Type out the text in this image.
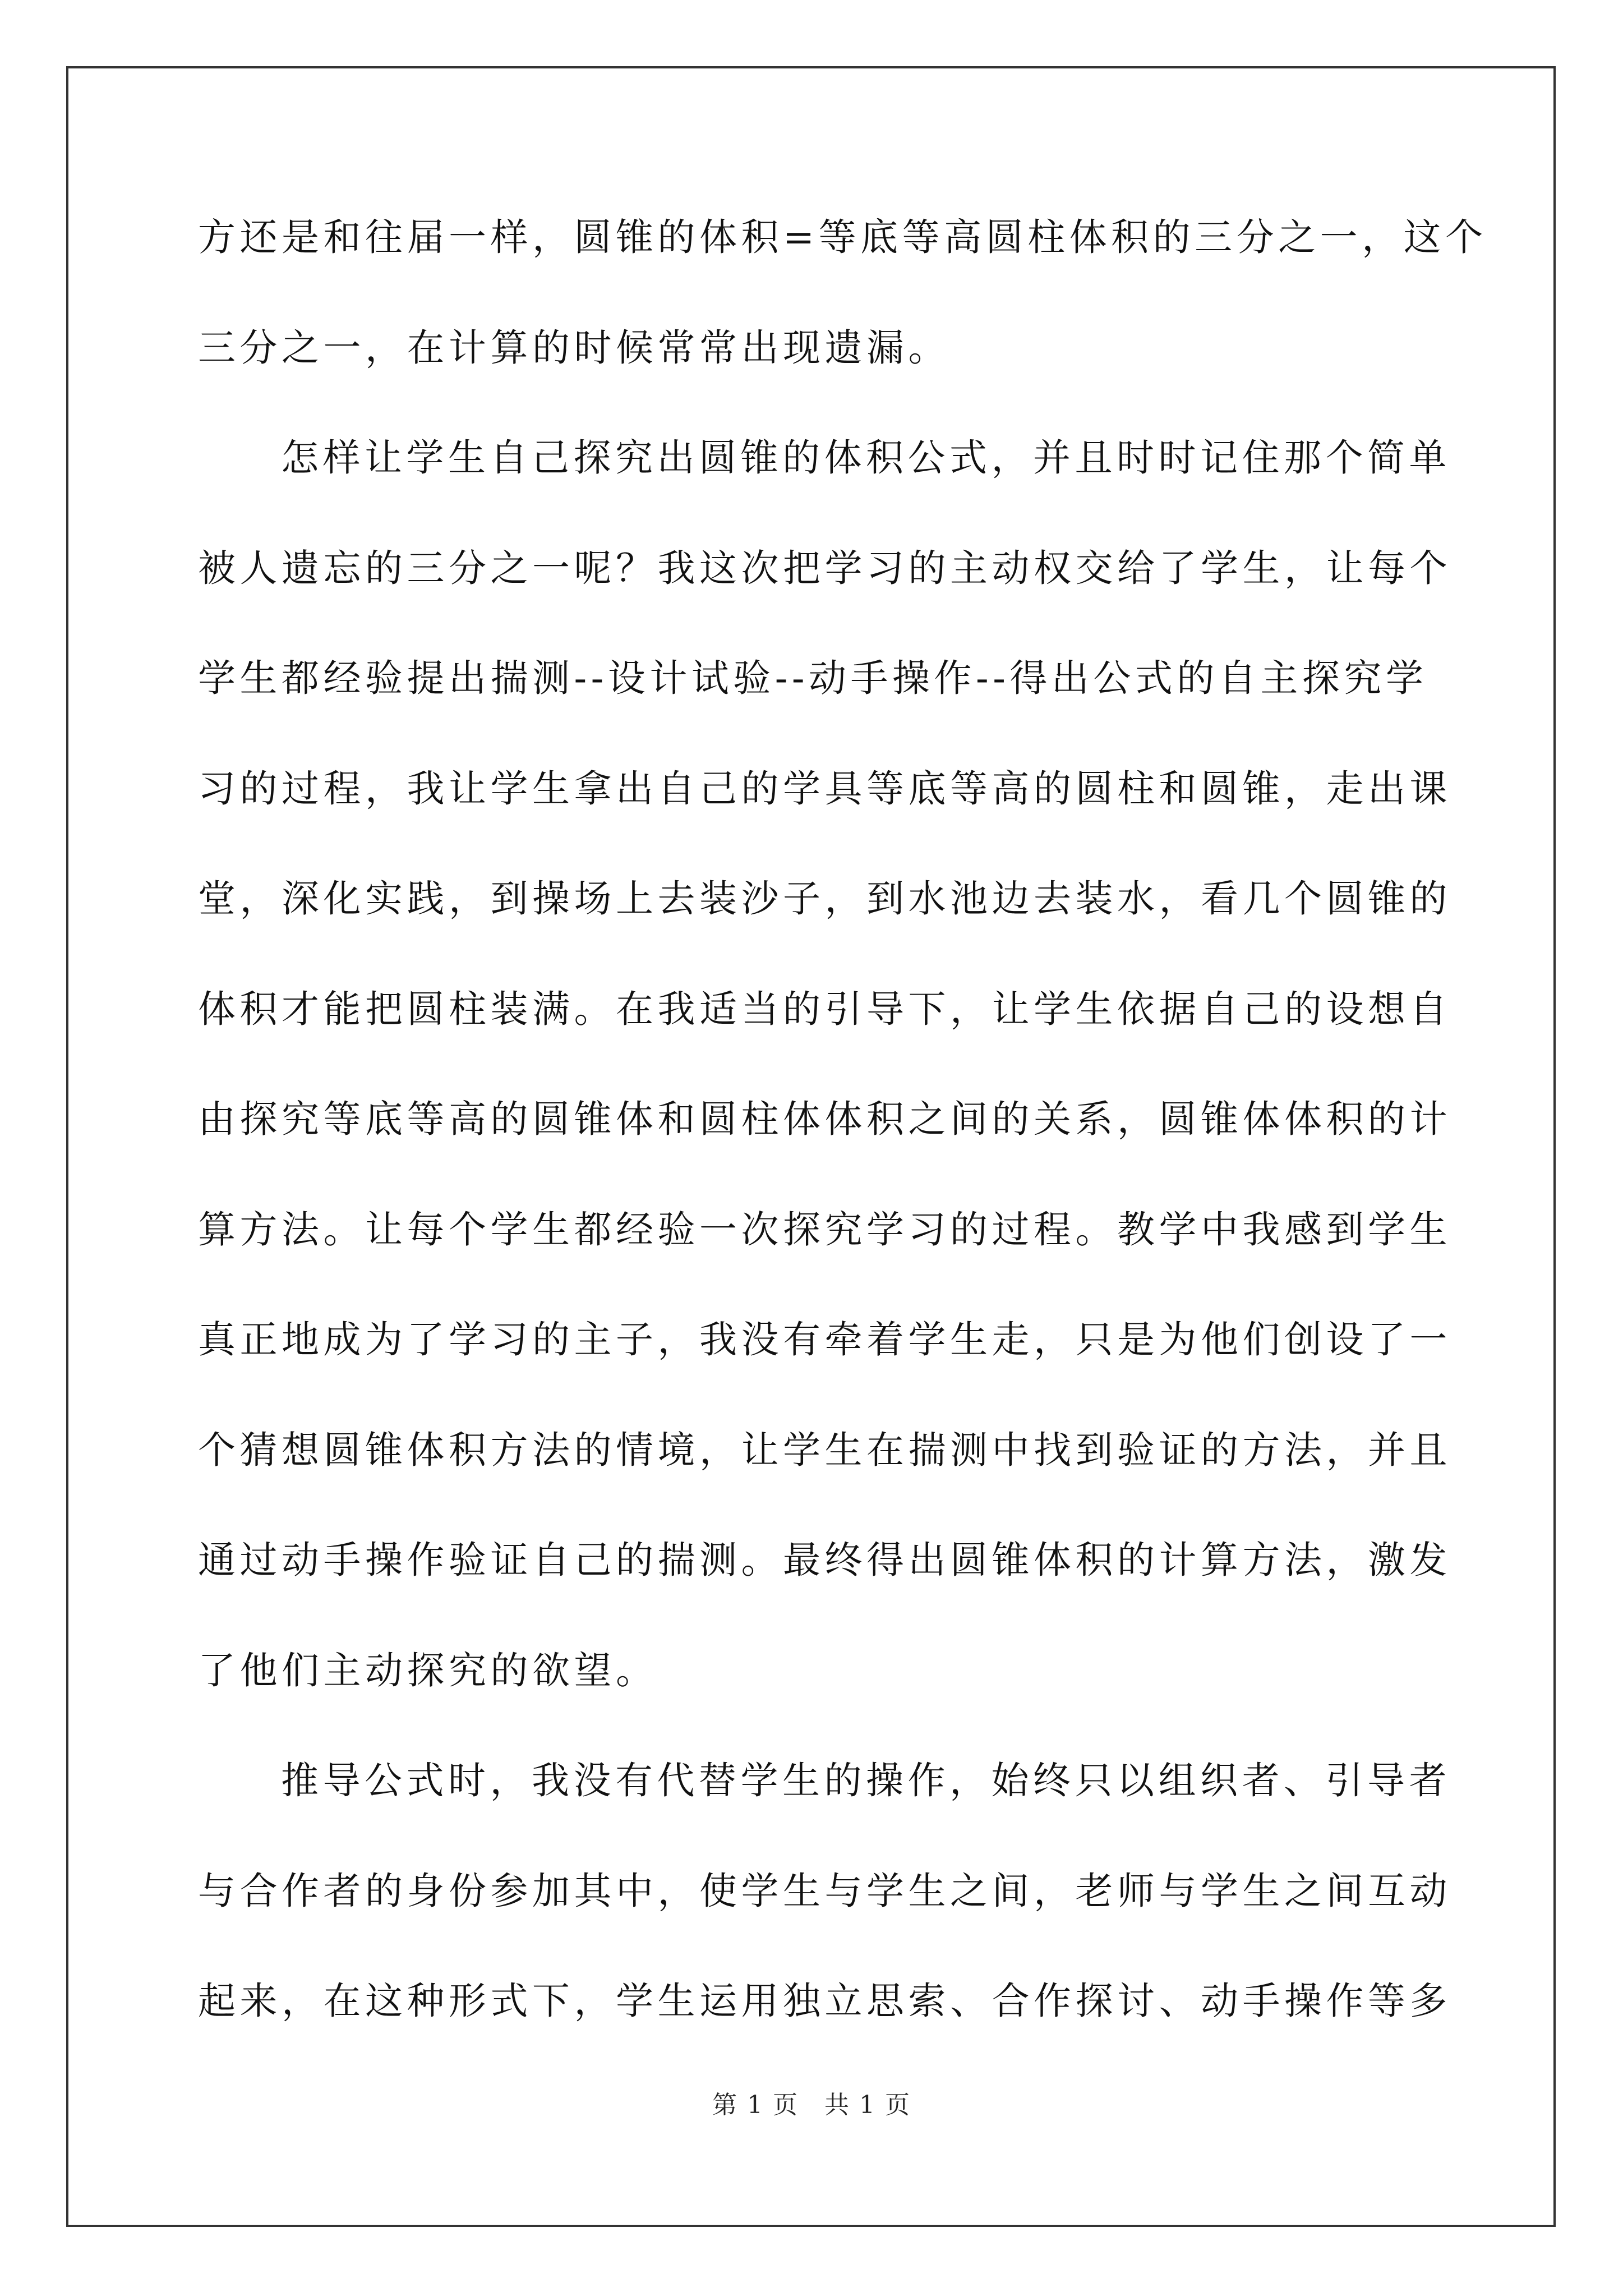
方还是和往届一样，圆锥的体积=等底等高圆柱体积的三分之一，这个
三分之一，在计算的时候常常出现遗漏。

怎样让学生自己探究出圆锥的体积公式，并且时时记住那个简单
被人遗忘的三分之一呢？我这次把学习的主动权交给了学生，让每个
学生都经验提出揣测--设计试验--动手操作--得出公式的自主探究学
习的过程，我让学生拿出自己的学具等底等高的圆柱和圆锥，走出课
堂，深化实践，到操场上去装沙子，到水池边去装水，看几个圆锥的
体积才能把圆柱装满。在我适当的引导下，让学生依据自己的设想自
由探究等底等高的圆锥体和圆柱体体积之间的关系，圆锥体体积的计
算方法。让每个学生都经验一次探究学习的过程。教学中我感到学生
真正地成为了学习的主子，我没有牵着学生走，只是为他们创设了一
个猜想圆锥体积方法的情境，让学生在揣测中找到验证的方法，并且
通过动手操作验证自己的揣测。最终得出圆锥体积的计算方法，激发
了他们主动探究的欲望。

推导公式时，我没有代替学生的操作，始终只以组织者、引导者
与合作者的身份参加其中，使学生与学生之间，老师与学生之间互动
起来，在这种形式下，学生运用独立思索、合作探讨、动手操作等多

第 1 页　共 1 页
